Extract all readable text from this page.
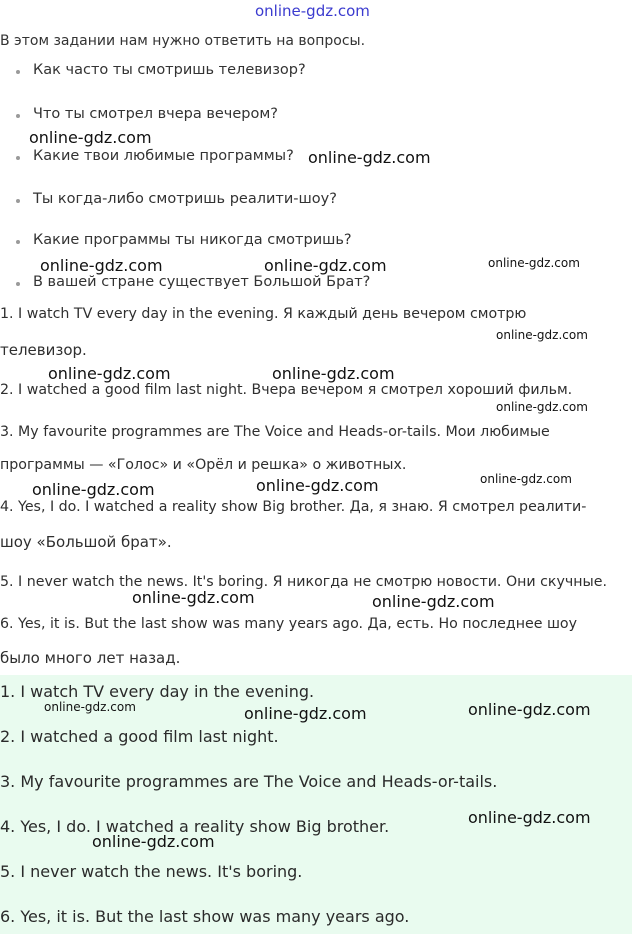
online-gdz.com
В этом задании нам нужно ответить на вопросы.
Как часто ты смотришь телевизор?
Что ты смотрел вчера вечером?
Какие твои любимые программы?
Ты когда-либо смотришь реалити-шоу?
Какие программы ты никогда смотришь?
В вашей стране существует Большой Брат?
1. I watch TV every day in the evening. Я каждый день вечером смотрю
телевизор.
2. I watched a good film last night. Вчера вечером я смотрел хороший фильм.
3. My favourite programmes are The Voice and Heads-or-tails. Мои любимые
программы — «Голос» и «Орёл и решка» о животных.
4. Yes, I do. I watched a reality show Big brother. Да, я знаю. Я смотрел реалити-
шоу «Большой брат».
5. I never watch the news. It's boring. Я никогда не смотрю новости. Они скучные.
6. Yes, it is. But the last show was many years ago. Да, есть. Но последнее шоу
было много лет назад.
1. I watch TV every day in the evening.
2. I watched a good film last night.
3. My favourite programmes are The Voice and Heads-or-tails.
4. Yes, I do. I watched a reality show Big brother.
5. I never watch the news. It's boring.
6. Yes, it is. But the last show was many years ago.
online-gdz.com
online-gdz.com
online-gdz.com	online-gdz.com	online-gdz.com
online-gdz.com
online-gdz.com	online-gdz.com
online-gdz.com
online-gdz.com
online-gdz.com	online-gdz.com
online-gdz.com	online-gdz.com
online-gdz.com	online-gdz.com	online-gdz.com
online-gdz.com
online-gdz.com
